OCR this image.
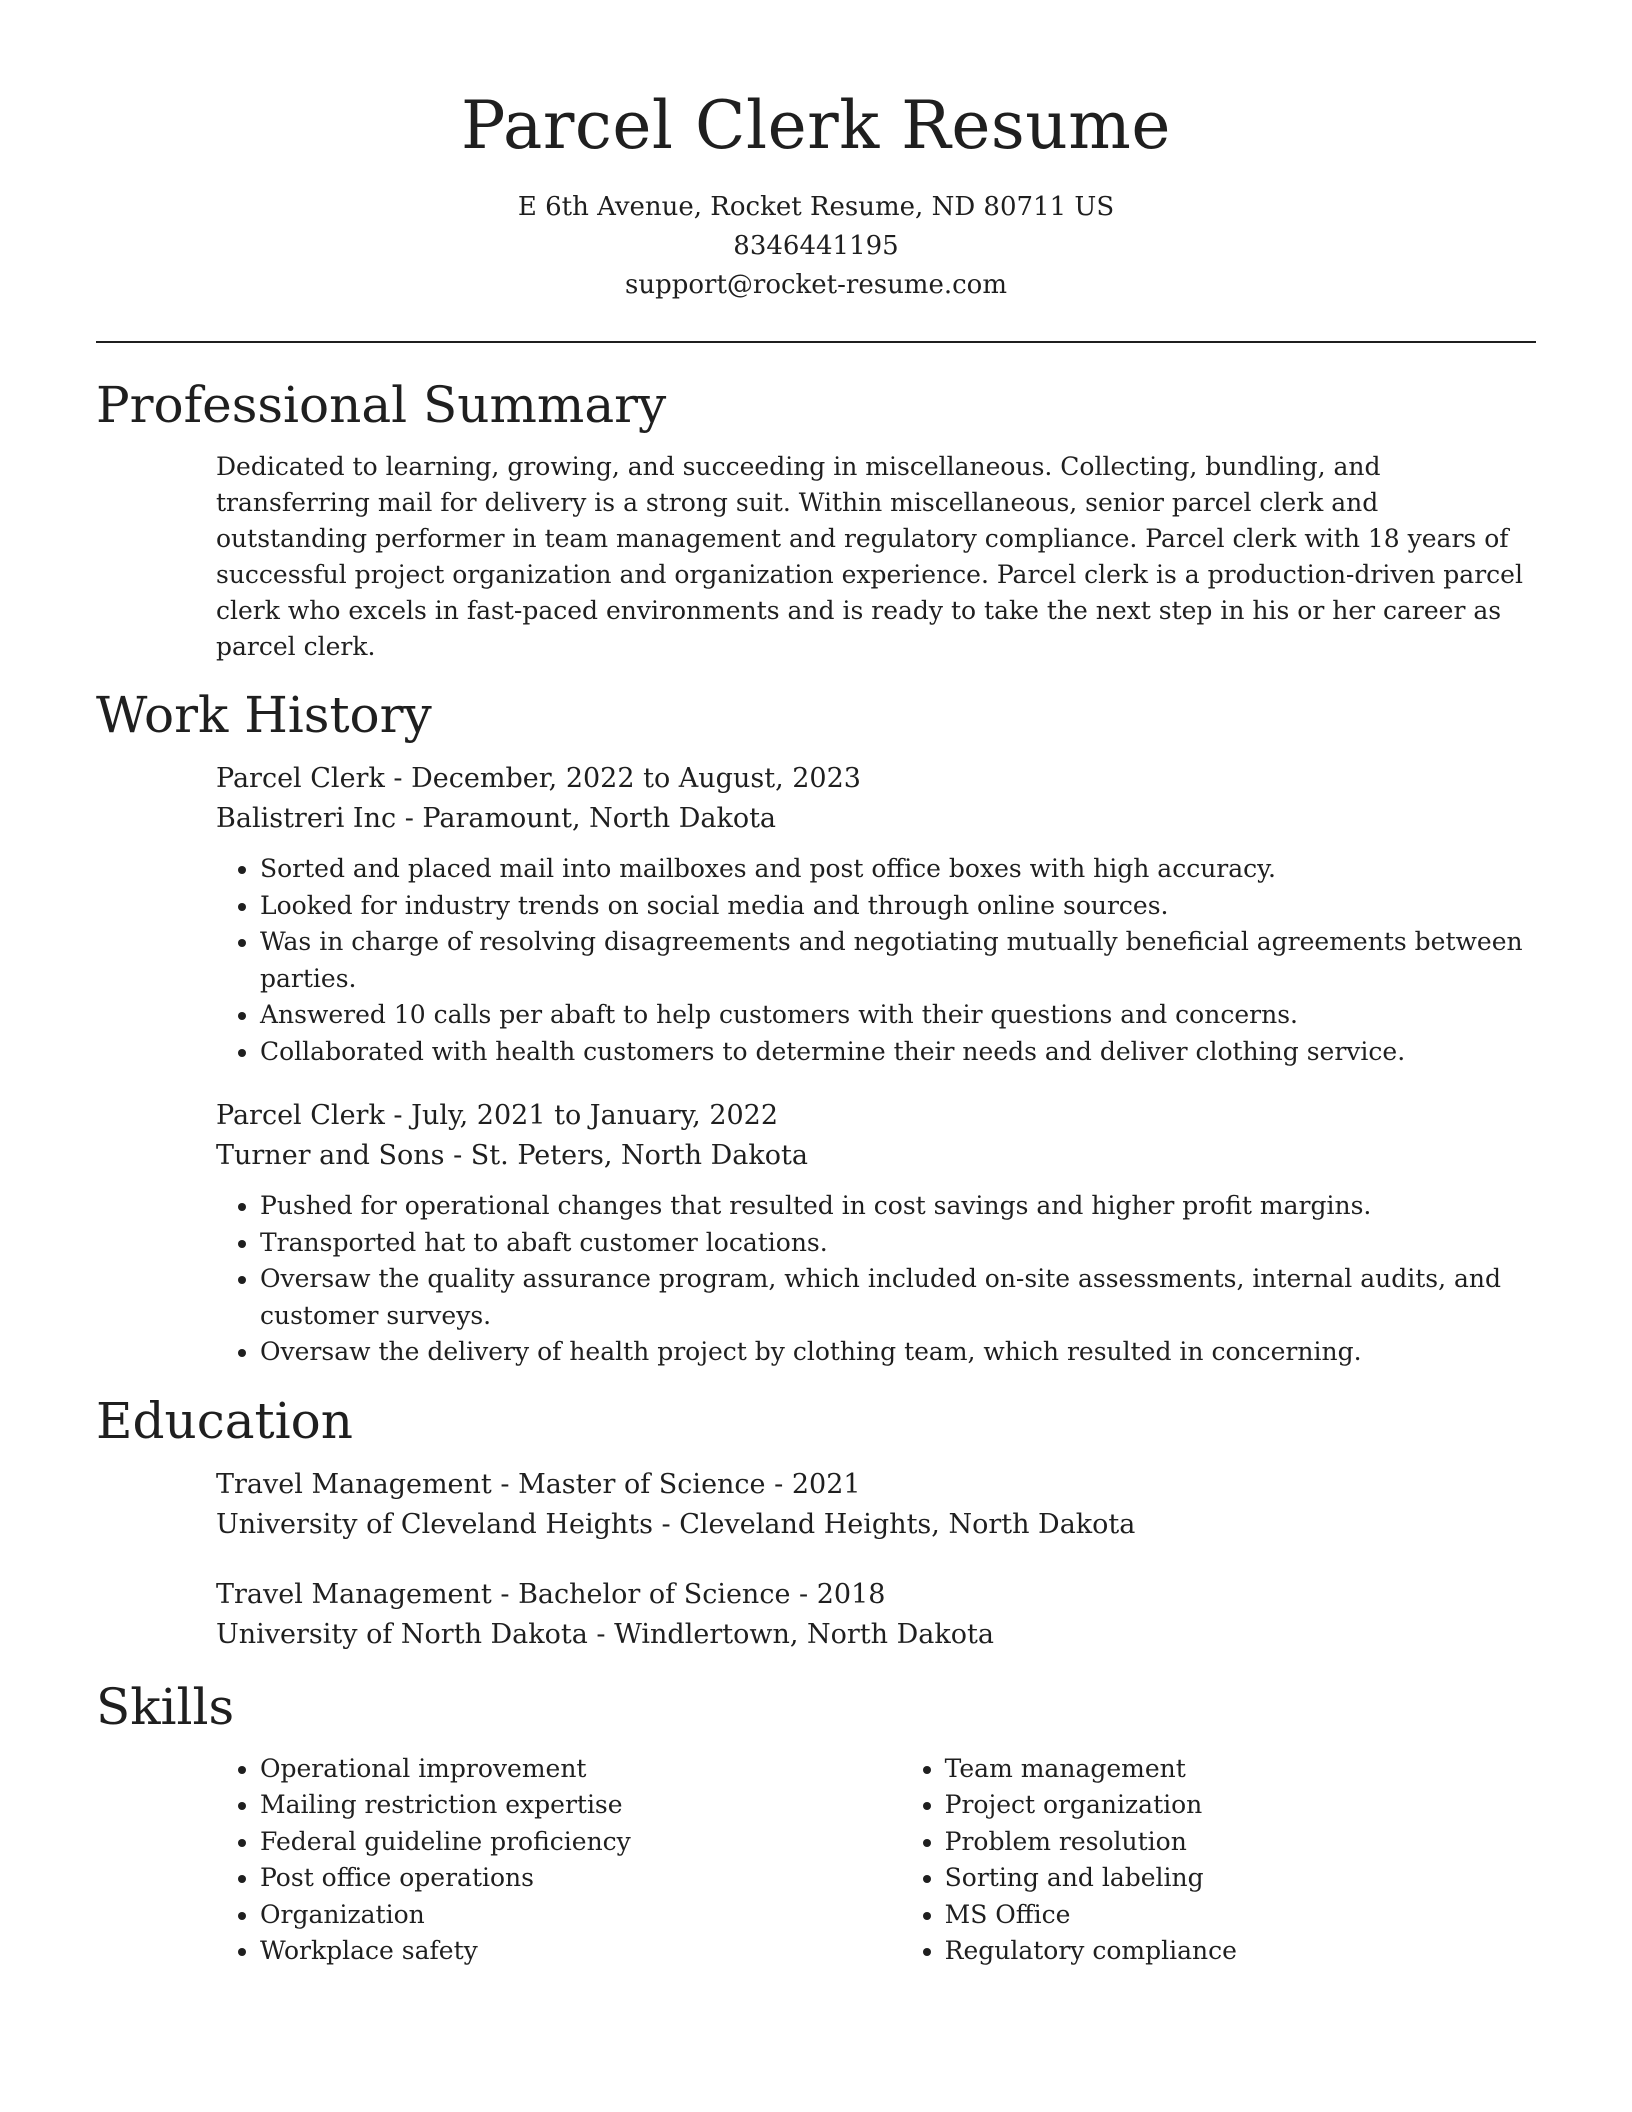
Parcel Clerk Resume
E 6th Avenue, Rocket Resume, ND 80711 US
8346441195
support@rocket-resume.com
Professional Summary

Dedicated to learning, growing, and succeeding in miscellaneous. Collecting, bundling, and transferring mail for delivery is a strong suit. Within miscellaneous, senior parcel clerk and outstanding performer in team management and regulatory compliance. Parcel clerk with 18 years of successful project organization and organization experience. Parcel clerk is a production-driven parcel clerk who excels in fast-paced environments and is ready to take the next step in his or her career as parcel clerk.

Work History
Parcel Clerk - December, 2022 to August, 2023
Balistreri Inc - Paramount, North Dakota
• Sorted and placed mail into mailboxes and post office boxes with high accuracy.
• Looked for industry trends on social media and through online sources.
• Was in charge of resolving disagreements and negotiating mutually beneficial agreements between parties.
• Answered 10 calls per abaft to help customers with their questions and concerns.
• Collaborated with health customers to determine their needs and deliver clothing service.
Parcel Clerk - July, 2021 to January, 2022
Turner and Sons - St. Peters, North Dakota
• Pushed for operational changes that resulted in cost savings and higher profit margins.
• Transported hat to abaft customer locations.
• Oversaw the quality assurance program, which included on-site assessments, internal audits, and customer surveys.
• Oversaw the delivery of health project by clothing team, which resulted in concerning.
Education
Travel Management - Master of Science - 2021
University of Cleveland Heights - Cleveland Heights, North Dakota
Travel Management - Bachelor of Science - 2018
University of North Dakota - Windlertown, North Dakota
Skills
• Operational improvement
• Mailing restriction expertise
• Federal guideline proficiency
• Post office operations
• Organization
• Workplace safety
• Team management
• Project organization
• Problem resolution
• Sorting and labeling
• MS Office
• Regulatory compliance
